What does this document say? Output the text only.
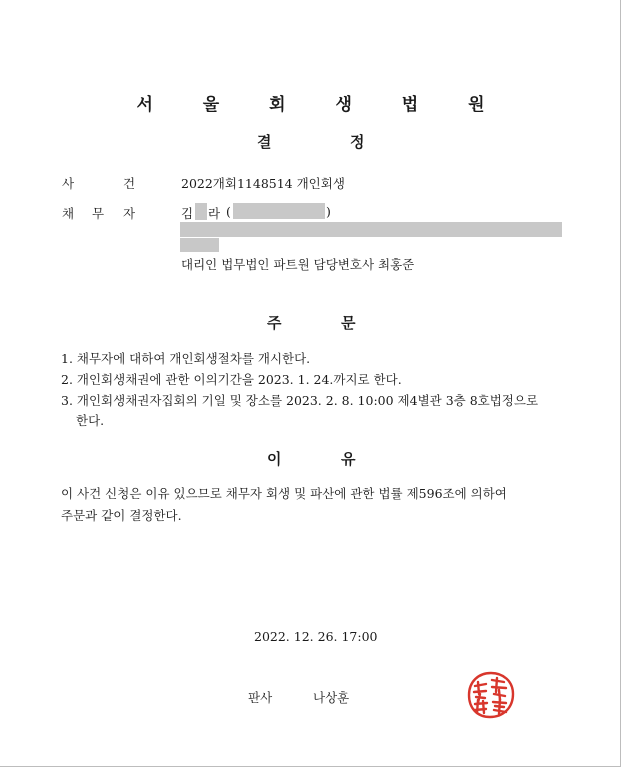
서 울 회 생 법 원
결	정
사	건	2022개회1148514 개인회생
채 무 자	김 라 (	)
대리인 법무법인 파트원 담당변호사 최홍준
주	문
1. 채무자에 대하여 개인회생절차를 개시한다.
2. 개인회생채권에 관한 이의기간을 2023. 1. 24.까지로 한다.
3. 개인회생채권자집회의 기일 및 장소를 2023. 2. 8. 10:00 제4별관 3층 8호법정으로
한다.
이	유
이 사건 신청은 이유 있으므로 채무자 회생 및 파산에 관한 법률 제596조에 의하여
주문과 같이 결정한다.
2022. 12. 26. 17:00
판사	나상훈
